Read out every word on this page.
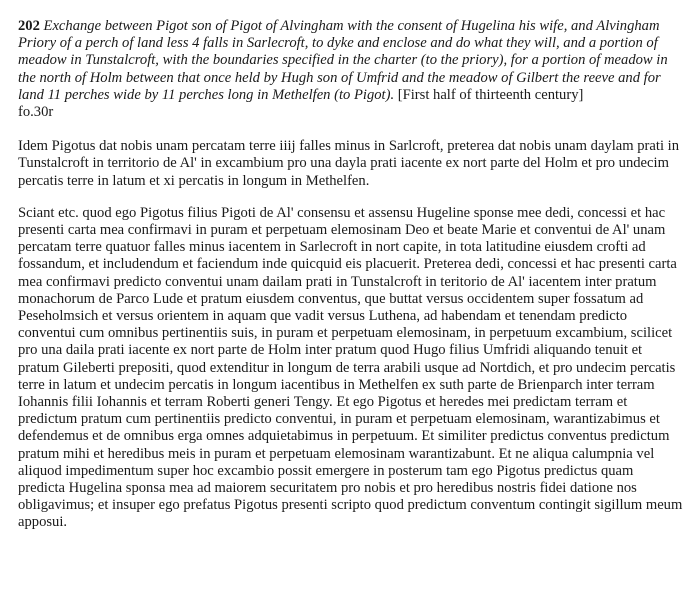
202 Exchange between Pigot son of Pigot of Alvingham with the consent of Hugelina his wife, and Alvingham Priory of a perch of land less 4 falls in Sarlecroft, to dyke and enclose and do what they will, and a portion of meadow in Tunstalcroft, with the boundaries specified in the charter (to the priory), for a portion of meadow in the north of Holm between that once held by Hugh son of Umfrid and the meadow of Gilbert the reeve and for land 11 perches wide by 11 perches long in Methelfen (to Pigot). [First half of thirteenth century]
fo.30r

Idem Pigotus dat nobis unam percatam terre iiij falles minus in Sarlcroft, preterea dat nobis unam daylam prati in Tunstalcroft in territorio de Al' in excambium pro una dayla prati iacente ex nort parte del Holm et pro undecim percatis terre in latum et xi percatis in longum in Methelfen.

Sciant etc. quod ego Pigotus filius Pigoti de Al' consensu et assensu Hugeline sponse mee dedi, concessi et hac presenti carta mea confirmavi in puram et perpetuam elemosinam Deo et beate Marie et conventui de Al' unam percatam terre quatuor falles minus iacentem in Sarlecroft in nort capite, in tota latitudine eiusdem crofti ad fossandum, et includendum et faciendum inde quicquid eis placuerit. Preterea dedi, concessi et hac presenti carta mea confirmavi predicto conventui unam dailam prati in Tunstalcroft in teritorio de Al' iacentem inter pratum monachorum de Parco Lude et pratum eiusdem conventus, que buttat versus occidentem super fossatum ad Peseholmsich et versus orientem in aquam que vadit versus Luthena, ad habendam et tenendam predicto conventui cum omnibus pertinentiis suis, in puram et perpetuam elemosinam, in perpetuum excambium, scilicet pro una daila prati iacente ex nort parte de Holm inter pratum quod Hugo filius Umfridi aliquando tenuit et pratum Gileberti prepositi, quod extenditur in longum de terra arabili usque ad Nortdich, et pro undecim percatis terre in latum et undecim percatis in longum iacentibus in Methelfen ex suth parte de Brienparch inter terram Iohannis filii Iohannis et terram Roberti generi Tengy. Et ego Pigotus et heredes mei predictam terram et predictum pratum cum pertinentiis predicto conventui, in puram et perpetuam elemosinam, warantizabimus et defendemus et de omnibus erga omnes adquietabimus in perpetuum. Et similiter predictus conventus predictum pratum mihi et heredibus meis in puram et perpetuam elemosinam warantizabunt. Et ne aliqua calumpnia vel aliquod impedimentum super hoc excambio possit emergere in posterum tam ego Pigotus predictus quam predicta Hugelina sponsa mea ad maiorem securitatem pro nobis et pro heredibus nostris fidei datione nos obligavimus; et insuper ego prefatus Pigotus presenti scripto quod predictum conventum contingit sigillum meum apposui.
